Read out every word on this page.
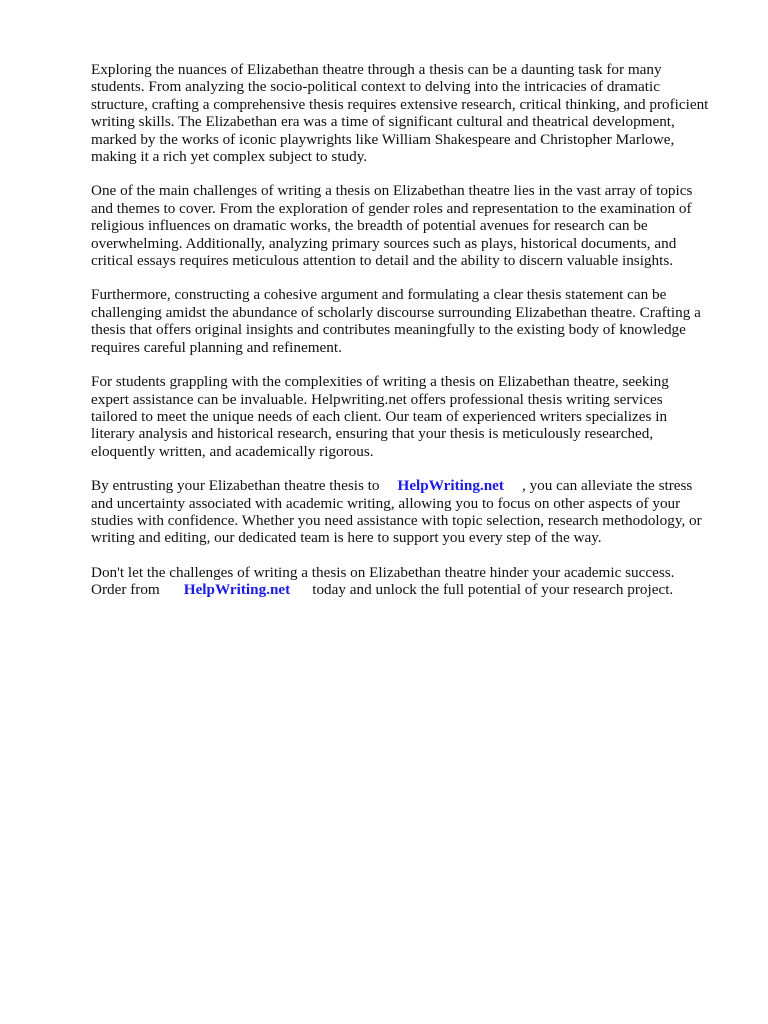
Exploring the nuances of Elizabethan theatre through a thesis can be a daunting task for many
students. From analyzing the socio-political context to delving into the intricacies of dramatic
structure, crafting a comprehensive thesis requires extensive research, critical thinking, and proficient
writing skills. The Elizabethan era was a time of significant cultural and theatrical development,
marked by the works of iconic playwrights like William Shakespeare and Christopher Marlowe,
making it a rich yet complex subject to study.

One of the main challenges of writing a thesis on Elizabethan theatre lies in the vast array of topics
and themes to cover. From the exploration of gender roles and representation to the examination of
religious influences on dramatic works, the breadth of potential avenues for research can be
overwhelming. Additionally, analyzing primary sources such as plays, historical documents, and
critical essays requires meticulous attention to detail and the ability to discern valuable insights.

Furthermore, constructing a cohesive argument and formulating a clear thesis statement can be
challenging amidst the abundance of scholarly discourse surrounding Elizabethan theatre. Crafting a
thesis that offers original insights and contributes meaningfully to the existing body of knowledge
requires careful planning and refinement.

For students grappling with the complexities of writing a thesis on Elizabethan theatre, seeking
expert assistance can be invaluable. Helpwriting.net offers professional thesis writing services
tailored to meet the unique needs of each client. Our team of experienced writers specializes in
literary analysis and historical research, ensuring that your thesis is meticulously researched,
eloquently written, and academically rigorous.

By entrusting your Elizabethan theatre thesis to HelpWriting.net , you can alleviate the stress
and uncertainty associated with academic writing, allowing you to focus on other aspects of your
studies with confidence. Whether you need assistance with topic selection, research methodology, or
writing and editing, our dedicated team is here to support you every step of the way.

Don't let the challenges of writing a thesis on Elizabethan theatre hinder your academic success.
Order from HelpWriting.net today and unlock the full potential of your research project.
